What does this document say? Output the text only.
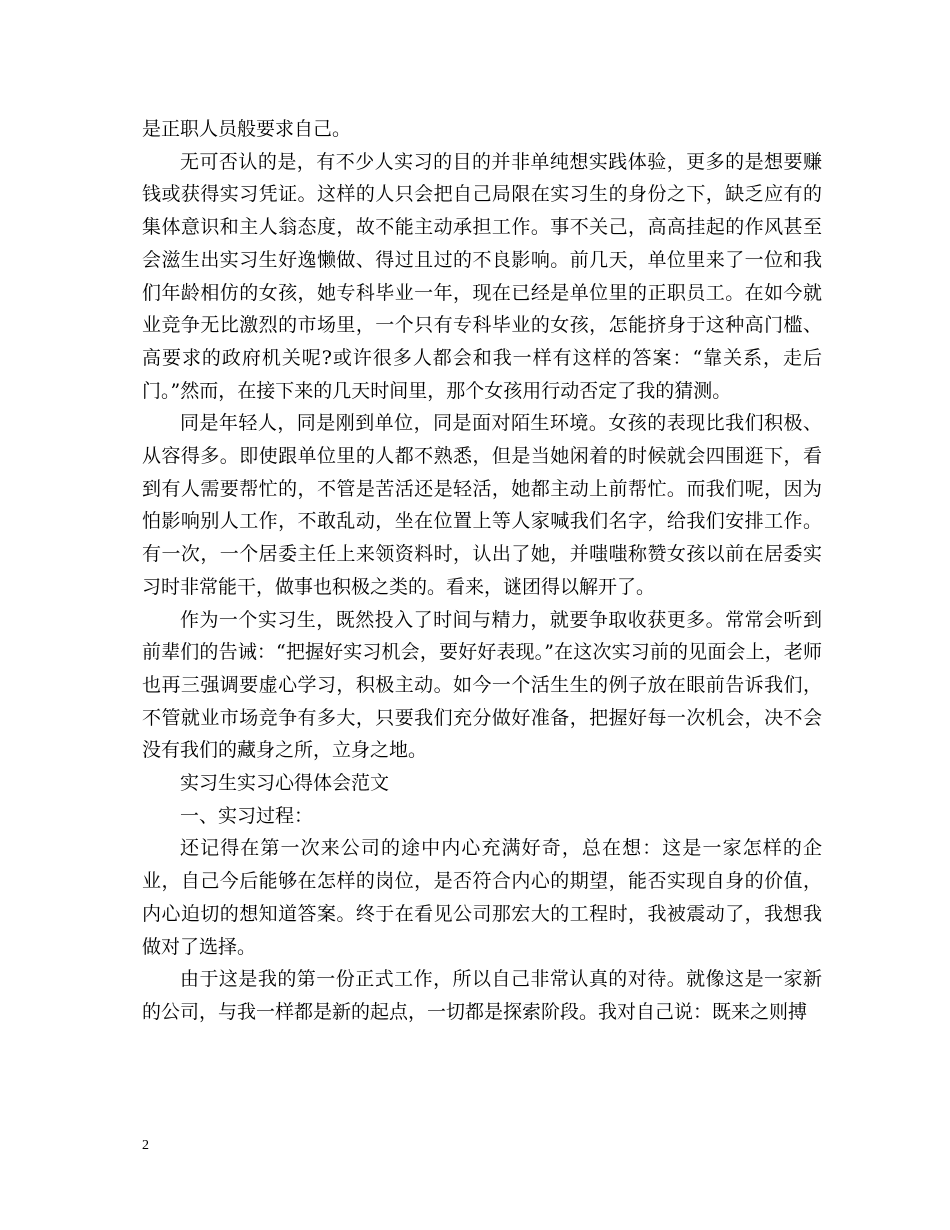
是正职人员般要求自己。

无可否认的是，有不少人实习的目的并非单纯想实践体验，更多的是想要赚钱或获得实习凭证。这样的人只会把自己局限在实习生的身份之下，缺乏应有的集体意识和主人翁态度，故不能主动承担工作。事不关己，高高挂起的作风甚至会滋生出实习生好逸懒做、得过且过的不良影响。前几天，单位里来了一位和我们年龄相仿的女孩，她专科毕业一年，现在已经是单位里的正职员工。在如今就业竞争无比激烈的市场里，一个只有专科毕业的女孩，怎能挤身于这种高门槛、高要求的政府机关呢?或许很多人都会和我一样有这样的答案：“靠关系，走后门。”然而，在接下来的几天时间里，那个女孩用行动否定了我的猜测。

同是年轻人，同是刚到单位，同是面对陌生环境。女孩的表现比我们积极、从容得多。即使跟单位里的人都不熟悉，但是当她闲着的时候就会四围逛下，看到有人需要帮忙的，不管是苦活还是轻活，她都主动上前帮忙。而我们呢，因为怕影响别人工作，不敢乱动，坐在位置上等人家喊我们名字，给我们安排工作。有一次，一个居委主任上来领资料时，认出了她，并嗤嗤称赞女孩以前在居委实习时非常能干，做事也积极之类的。看来，谜团得以解开了。

作为一个实习生，既然投入了时间与精力，就要争取收获更多。常常会听到前辈们的告诫：“把握好实习机会，要好好表现。”在这次实习前的见面会上，老师也再三强调要虚心学习，积极主动。如今一个活生生的例子放在眼前告诉我们，不管就业市场竞争有多大，只要我们充分做好准备，把握好每一次机会，决不会没有我们的藏身之所，立身之地。

实习生实习心得体会范文

一、实习过程：

还记得在第一次来公司的途中内心充满好奇，总在想：这是一家怎样的企业，自己今后能够在怎样的岗位，是否符合内心的期望，能否实现自身的价值，内心迫切的想知道答案。终于在看见公司那宏大的工程时，我被震动了，我想我做对了选择。

由于这是我的第一份正式工作，所以自己非常认真的对待。就像这是一家新的公司，与我一样都是新的起点，一切都是探索阶段。我对自己说：既来之则搏

2
